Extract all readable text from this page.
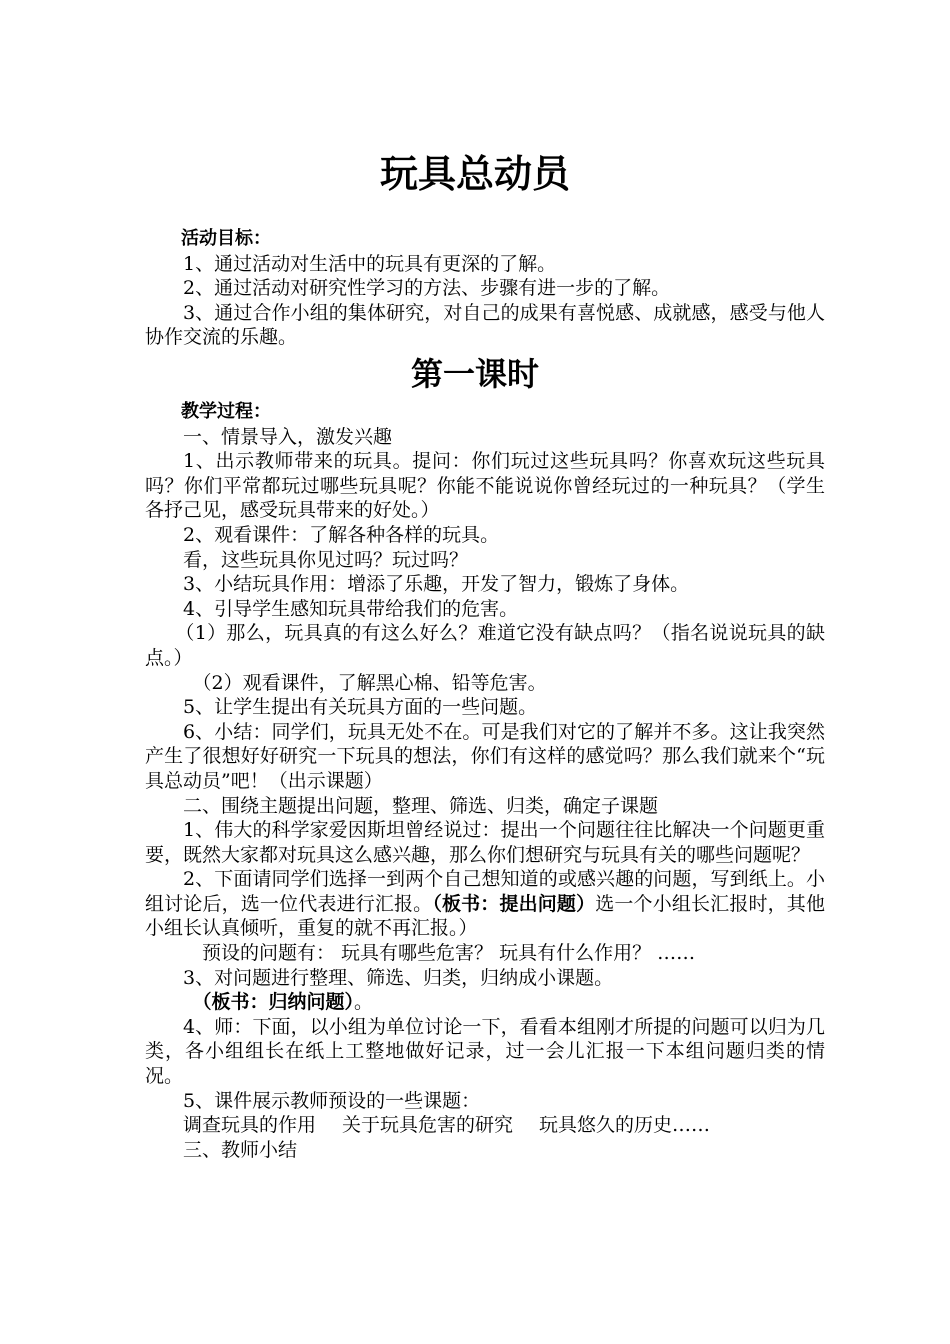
玩具总动员

活动目标：

1、通过活动对生活中的玩具有更深的了解。

2、通过活动对研究性学习的方法、步骤有进一步的了解。

3、通过合作小组的集体研究，对自己的成果有喜悦感、成就感，感受与他人协作交流的乐趣。

第一课时

教学过程：

一、情景导入，激发兴趣

1、出示教师带来的玩具。提问：你们玩过这些玩具吗？你喜欢玩这些玩具吗？你们平常都玩过哪些玩具呢？你能不能说说你曾经玩过的一种玩具？（学生各抒己见，感受玩具带来的好处。）

2、观看课件：了解各种各样的玩具。

看，这些玩具你见过吗？玩过吗？

3、小结玩具作用：增添了乐趣，开发了智力，锻炼了身体。

4、引导学生感知玩具带给我们的危害。

（1）那么，玩具真的有这么好么？难道它没有缺点吗？（指名说说玩具的缺点。）

（2）观看课件，了解黑心棉、铅等危害。

5、让学生提出有关玩具方面的一些问题。

6、小结：同学们，玩具无处不在。可是我们对它的了解并不多。这让我突然产生了很想好好研究一下玩具的想法，你们有这样的感觉吗？那么我们就来个“玩具总动员”吧！（出示课题）

二、围绕主题提出问题，整理、筛选、归类，确定子课题

1、伟大的科学家爱因斯坦曾经说过：提出一个问题往往比解决一个问题更重要，既然大家都对玩具这么感兴趣，那么你们想研究与玩具有关的哪些问题呢？

2、下面请同学们选择一到两个自己想知道的或感兴趣的问题，写到纸上。小组讨论后，选一位代表进行汇报。（板书：提出问题）选一个小组长汇报时，其他小组长认真倾听，重复的就不再汇报。）

预设的问题有： 玩具有哪些危害？ 玩具有什么作用？ ……

3、对问题进行整理、筛选、归类，归纳成小课题。

（板书：归纳问题）。

4、师：下面，以小组为单位讨论一下，看看本组刚才所提的问题可以归为几类，各小组组长在纸上工整地做好记录，过一会儿汇报一下本组问题归类的情况。

5、课件展示教师预设的一些课题：

调查玩具的作用 关于玩具危害的研究 玩具悠久的历史……

三、教师小结
